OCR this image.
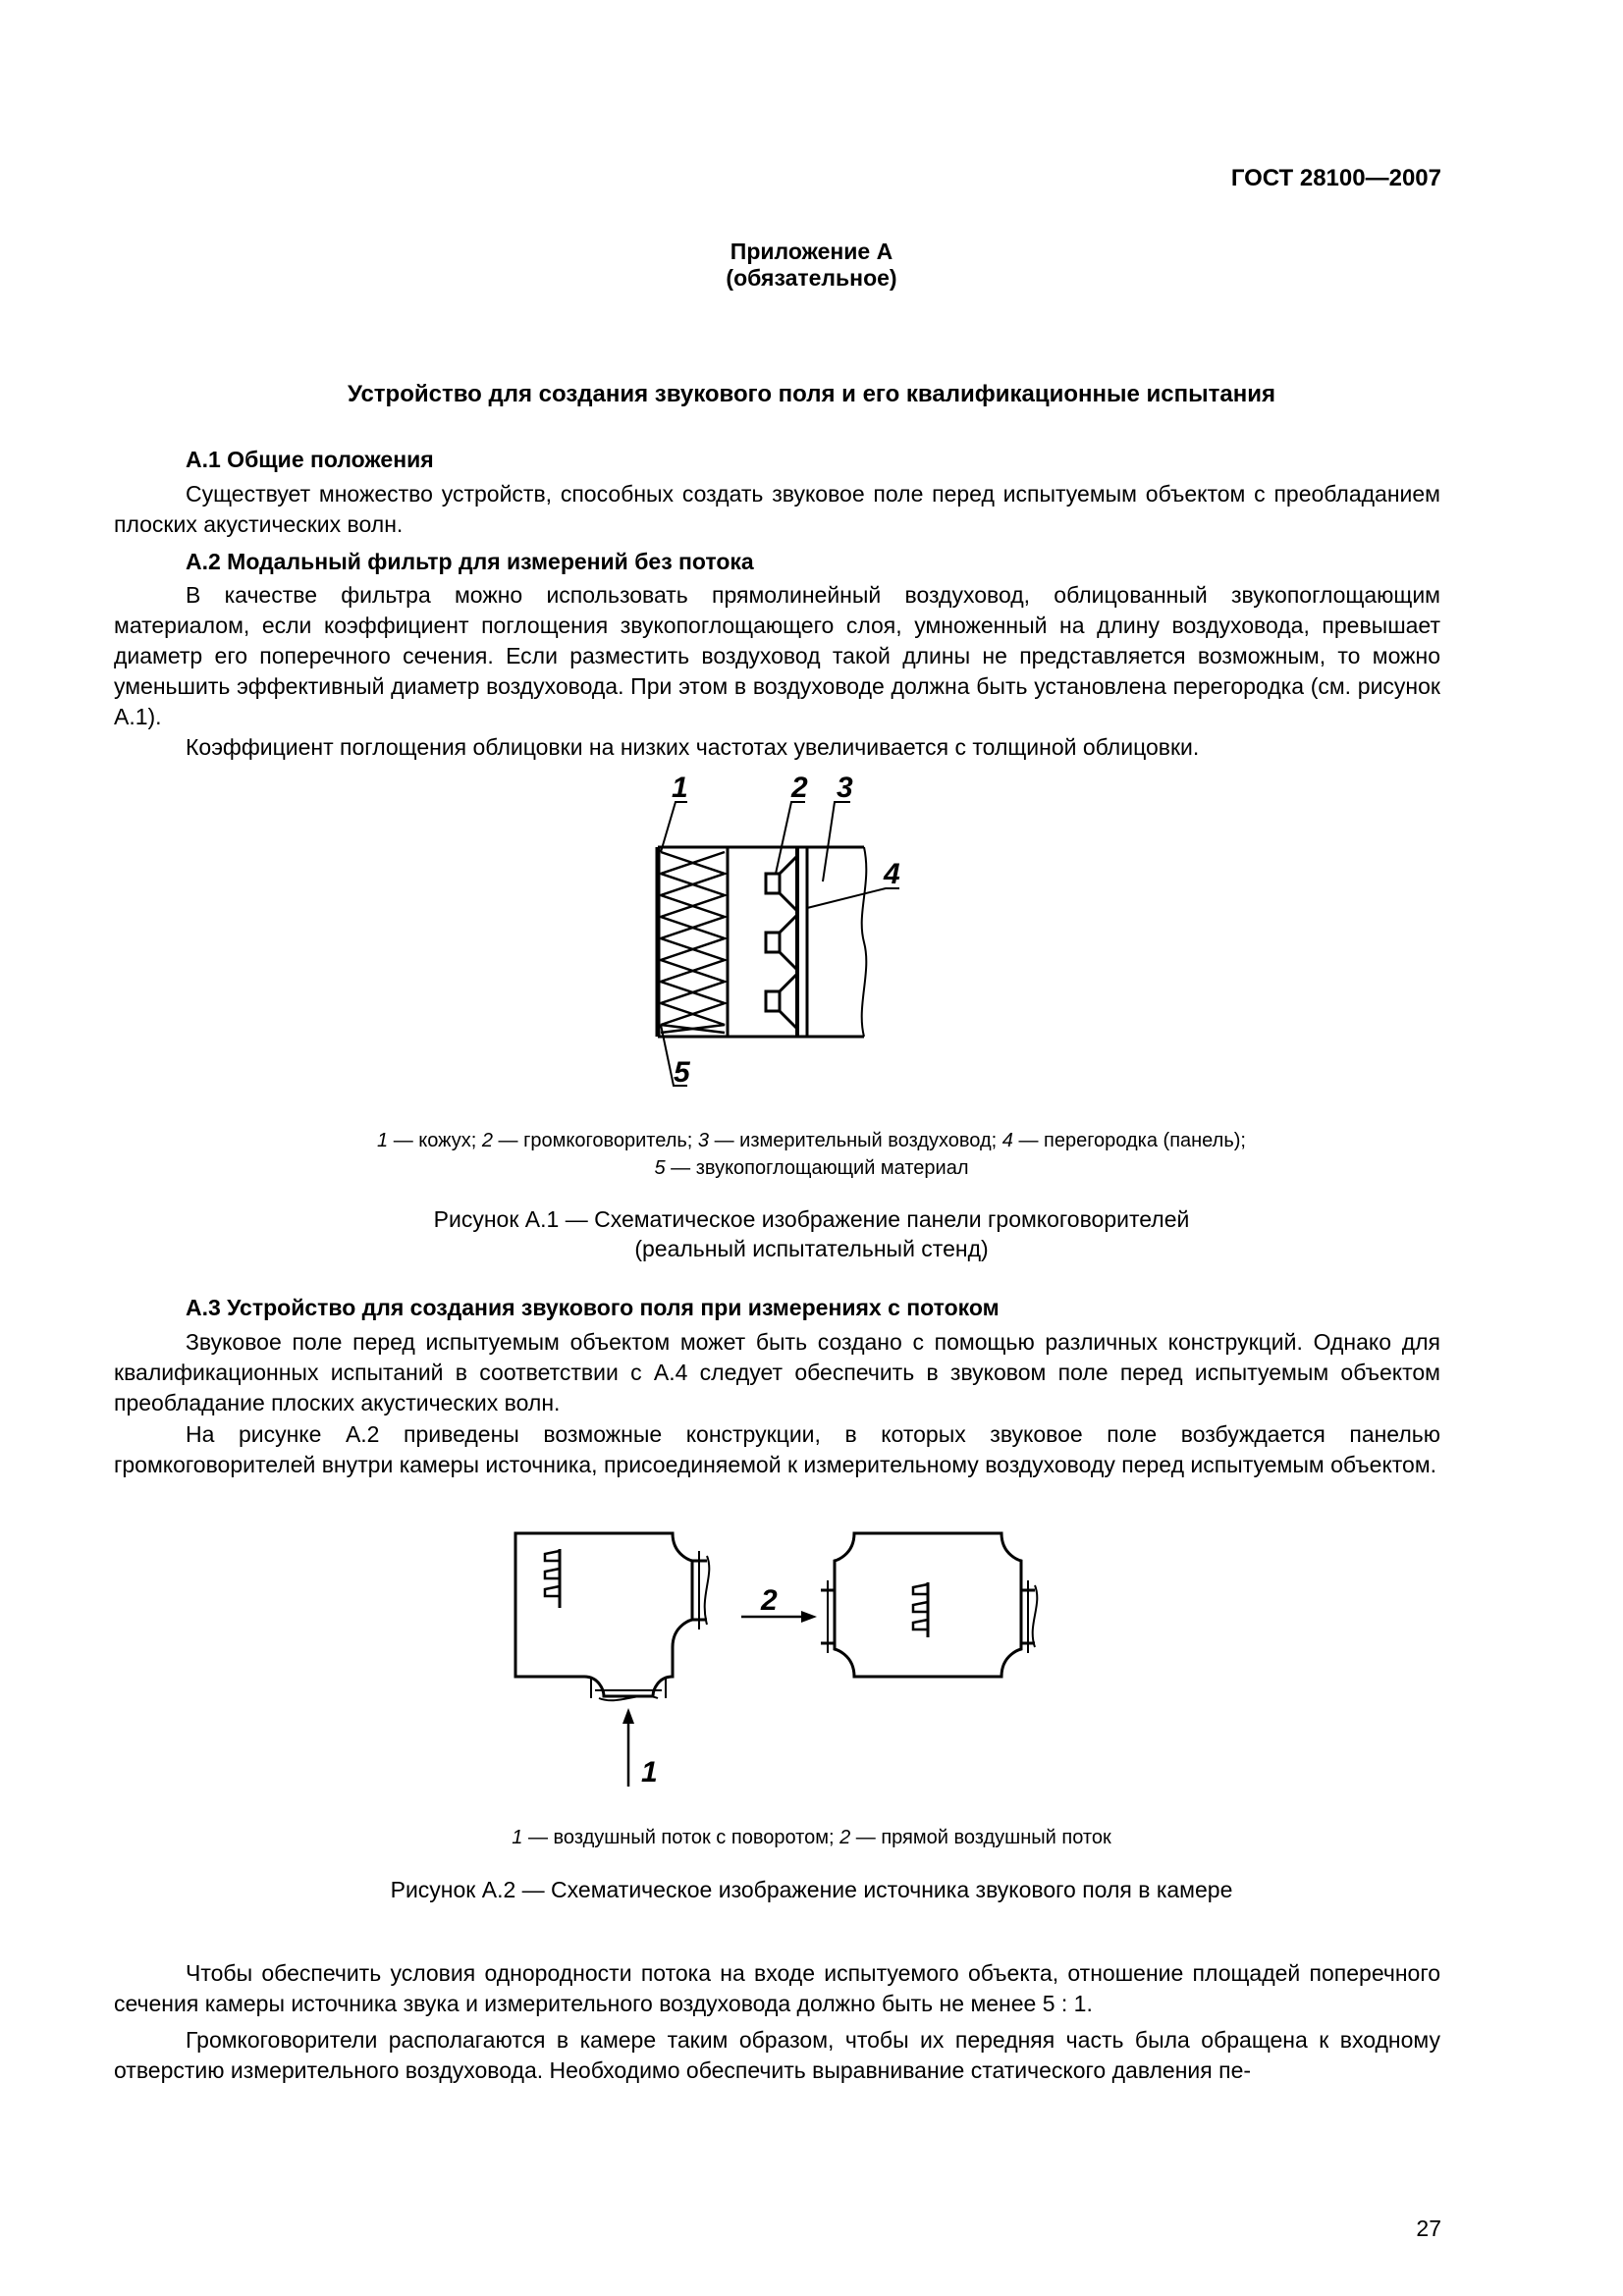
ГОСТ 28100—2007
Приложение А
(обязательное)
Устройство для создания звукового поля и его квалификационные испытания
А.1 Общие положения
Существует множество устройств, способных создать звуковое поле перед испытуемым объектом с преобладанием плоских акустических волн.
А.2 Модальный фильтр для измерений без потока
В качестве фильтра можно использовать прямолинейный воздуховод, облицованный звукопоглощающим материалом, если коэффициент поглощения звукопоглощающего слоя, умноженный на длину воздуховода, превышает диаметр его поперечного сечения. Если разместить воздуховод такой длины не представляется возможным, то можно уменьшить эффективный диаметр воздуховода. При этом в воздуховоде должна быть установлена перегородка (см. рисунок А.1).
Коэффициент поглощения облицовки на низких частотах увеличивается с толщиной облицовки.
1	2 3
4
5
1 — кожух; 2 — громкоговоритель; 3 — измерительный воздуховод; 4 — перегородка (панель);
5 — звукопоглощающий материал
Рисунок А.1 — Схематическое изображение панели громкоговорителей
(реальный испытательный стенд)
А.3 Устройство для создания звукового поля при измерениях с потоком
Звуковое поле перед испытуемым объектом может быть создано с помощью различных конструкций. Однако для квалификационных испытаний в соответствии с А.4 следует обеспечить в звуковом поле перед испытуемым объектом преобладание плоских акустических волн.
На рисунке А.2 приведены возможные конструкции, в которых звуковое поле возбуждается панелью громкоговорителей внутри камеры источника, присоединяемой к измерительному воздуховоду перед испытуемым объектом.
1
2
1 — воздушный поток с поворотом; 2 — прямой воздушный поток
Рисунок А.2 — Схематическое изображение источника звукового поля в камере
Чтобы обеспечить условия однородности потока на входе испытуемого объекта, отношение площадей поперечного сечения камеры источника звука и измерительного воздуховода должно быть не менее 5 : 1.
Громкоговорители располагаются в камере таким образом, чтобы их передняя часть была обращена к входному отверстию измерительного воздуховода. Необходимо обеспечить выравнивание статического давления пе-
27
